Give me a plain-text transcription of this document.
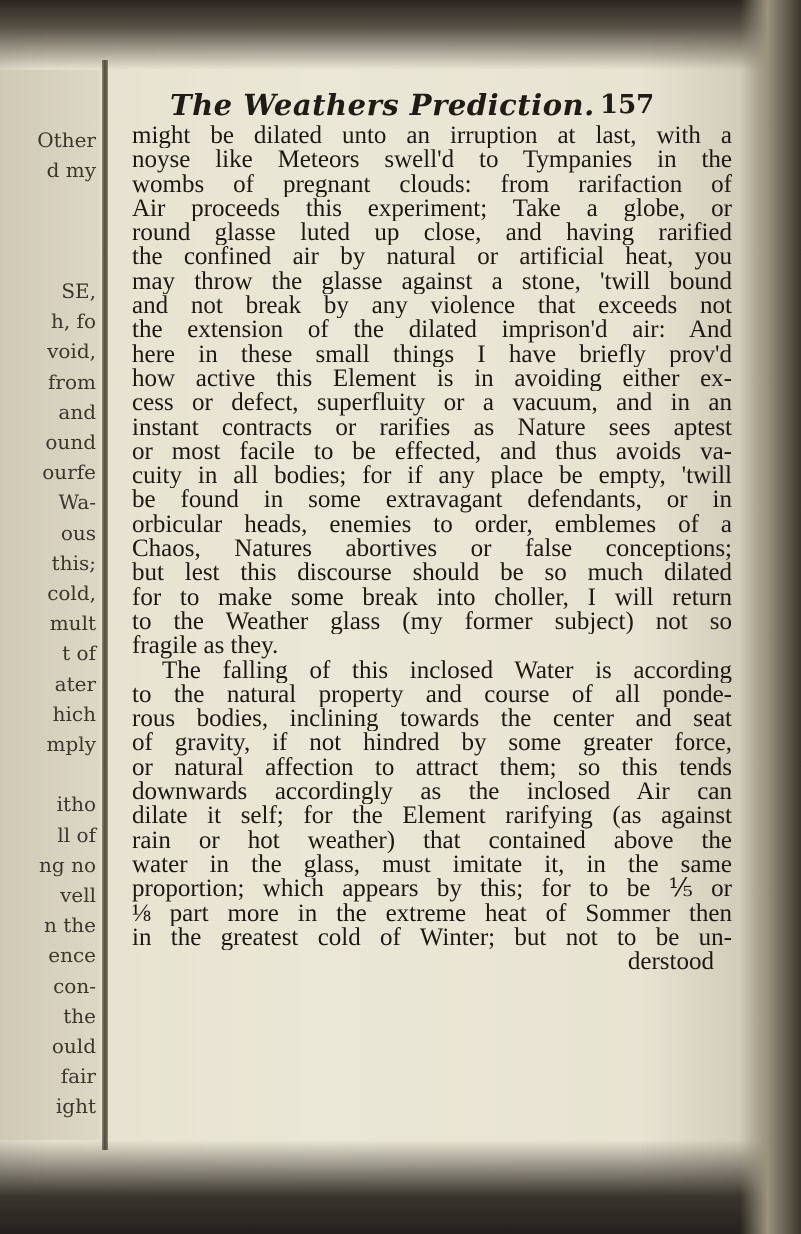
Other
d my
SE,
h, fo
void,
from
and
ound
ourfe
Wa-
ous
this;
cold,
mult
t of
ater
hich
mply
itho
ll of
ng no
vell
n the
ence
con-
the
ould
fair
ight
The Weathers Prediction. 157
might be dilated unto an irruption at last, with a
noyse like Meteors swell'd to Tympanies in the
wombs of pregnant clouds: from rarifaction of
Air proceeds this experiment; Take a globe, or
round glasse luted up close, and having rarified
the confined air by natural or artificial heat, you
may throw the glasse against a stone, 'twill bound
and not break by any violence that exceeds not
the extension of the dilated imprison'd air: And
here in these small things I have briefly prov'd
how active this Element is in avoiding either ex-
cess or defect, superfluity or a vacuum, and in an
instant contracts or rarifies as Nature sees aptest
or most facile to be effected, and thus avoids va-
cuity in all bodies; for if any place be empty, 'twill
be found in some extravagant defendants, or in
orbicular heads, enemies to order, emblemes of a
Chaos, Natures abortives or false conceptions;
but lest this discourse should be so much dilated
for to make some break into choller, I will return
to the Weather glass (my former subject) not so
fragile as they.
The falling of this inclosed Water is according
to the natural property and course of all ponde-
rous bodies, inclining towards the center and seat
of gravity, if not hindred by some greater force,
or natural affection to attract them; so this tends
downwards accordingly as the inclosed Air can
dilate it self; for the Element rarifying (as against
rain or hot weather) that contained above the
water in the glass, must imitate it, in the same
proportion; which appears by this; for to be ⅕ or
⅛ part more in the extreme heat of Sommer then
in the greatest cold of Winter; but not to be un-
derstood
